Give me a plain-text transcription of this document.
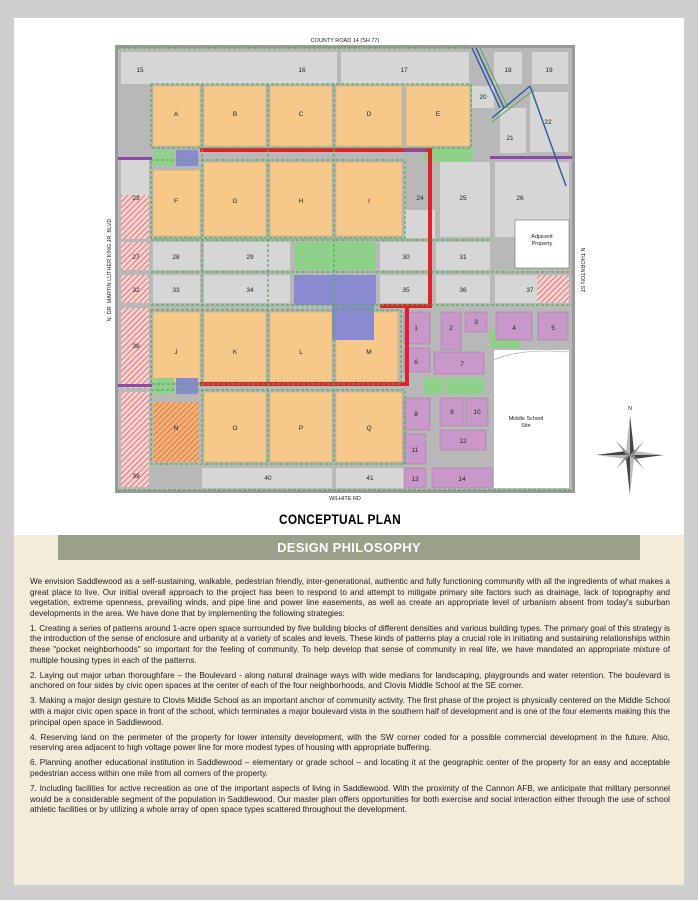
15	16	17	18	19
20
21
22
23	24	25	26
27	28	29	30	31
32	33	34	35	36	37
38
39	40	41
A	B	C	D	E
F	G	H	I
J	K	L	M
N	O	P	Q
1	2
3
4	5
6	7
8	9	10
11
12
13	14
Adjacent
Property
Middle School
Site
COUNTY ROAD 14 (SH 77)
WILHITE RD
N. DR. MARTIN LUTHER KING JR. BLVD	N THORNTON ST
N
CONCEPTUAL PLAN
DESIGN PHILOSOPHY

We envision Saddlewood as a self-sustaining, walkable, pedestrian friendly, inter-generational, authentic and fully functioning community with all the ingredients of what makes a great place to live. Our initial overall approach to the project has been to respond to and attempt to mitigate primary site factors such as drainage, lack of topography and vegetation, extreme openness, prevailing winds, and pipe line and power line easements, as well as create an appropriate level of urbanism absent from today's suburban developments in the area. We have done that by implementing the following strategies:

1. Creating a series of patterns around 1-acre open space surrounded by five building blocks of different densities and various building types. The primary goal of this strategy is the introduction of the sense of enclosure and urbanity at a variety of scales and levels. These kinds of patterns play a crucial role in initiating and sustaining relationships within these "pocket neighborhoods" so important for the feeling of community. To help develop that sense of community in real life, we have mandated an appropriate mixture of multiple housing types in each of the patterns.

2. Laying out major urban thoroughfare – the Boulevard - along natural drainage ways with wide medians for landscaping, playgrounds and water retention. The boulevard is anchored on four sides by civic open spaces at the center of each of the four neighborhoods, and Clovis Middle School at the SE corner.

3. Making a major design gesture to Clovis Middle School as an important anchor of community activity. The first phase of the project is physically centered on the Middle School with a major civic open space in front of the school, which terminates a major boulevard vista in the southern half of development and is one of the four elements making this the principal open space in Saddlewood.

4. Reserving land on the perimeter of the property for lower intensity development, with the SW corner coded for a possible commercial development in the future. Also, reserving area adjacent to high voltage power line for more modest types of housing with appropriate buffering.

6. Planning another educational institution in Saddlewood – elementary or grade school – and locating it at the geographic center of the property for an easy and acceptable pedestrian access within one mile from all corners of the property.

7. Including facilities for active recreation as one of the important aspects of living in Saddlewood. With the proximity of the Cannon AFB, we anticipate that military personnel would be a considerable segment of the population in Saddlewood. Our master plan offers opportunities for both exercise and social interaction either through the use of school athletic facilities or by utilizing a whole array of open space types scattered throughout the development.
